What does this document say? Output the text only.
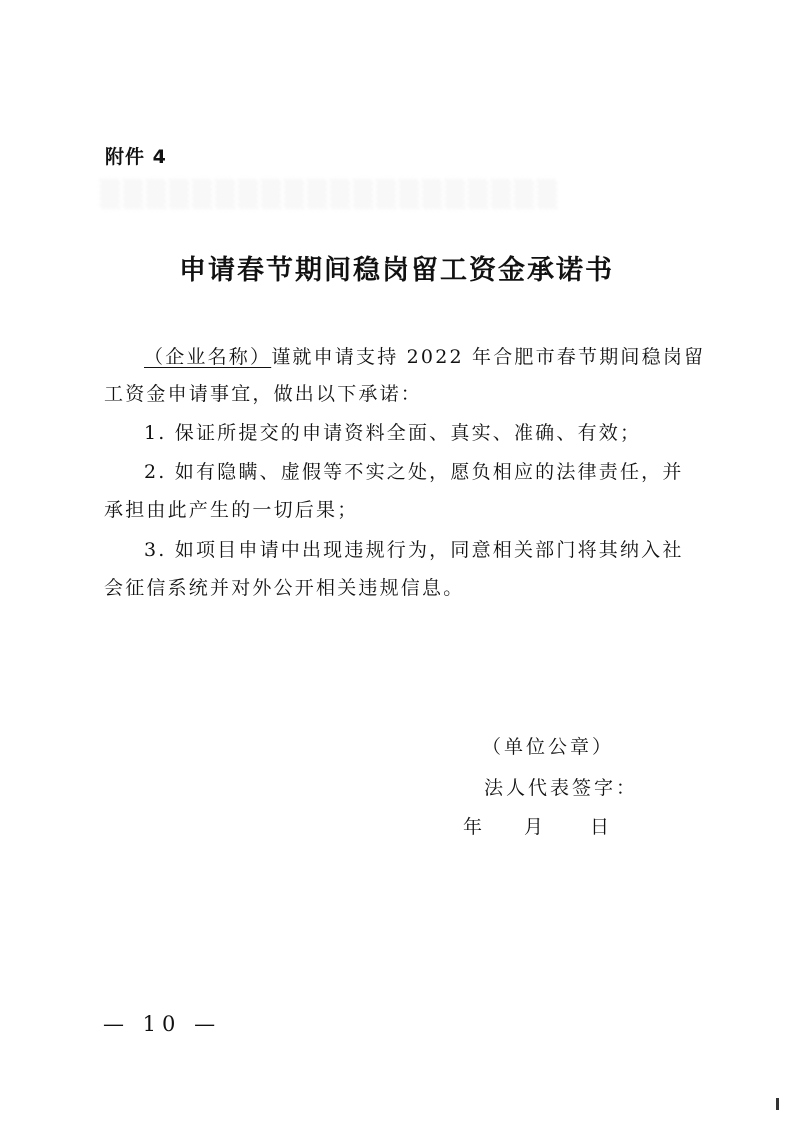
▒▒▒▒▒▒▒▒▒▒▒▒▒▒▒▒▒▒▒▒
附件 4
申请春节期间稳岗留工资金承诺书
（企业名称）谨就申请支持 2022 年合肥市春节期间稳岗留
工资金申请事宜，做出以下承诺：
1. 保证所提交的申请资料全面、真实、准确、有效；
2. 如有隐瞒、虚假等不实之处，愿负相应的法律责任，并
承担由此产生的一切后果；
3. 如项目申请中出现违规行为，同意相关部门将其纳入社
会征信系统并对外公开相关违规信息。
（单位公章）
法人代表签字：
年 月 日
— 10 —
